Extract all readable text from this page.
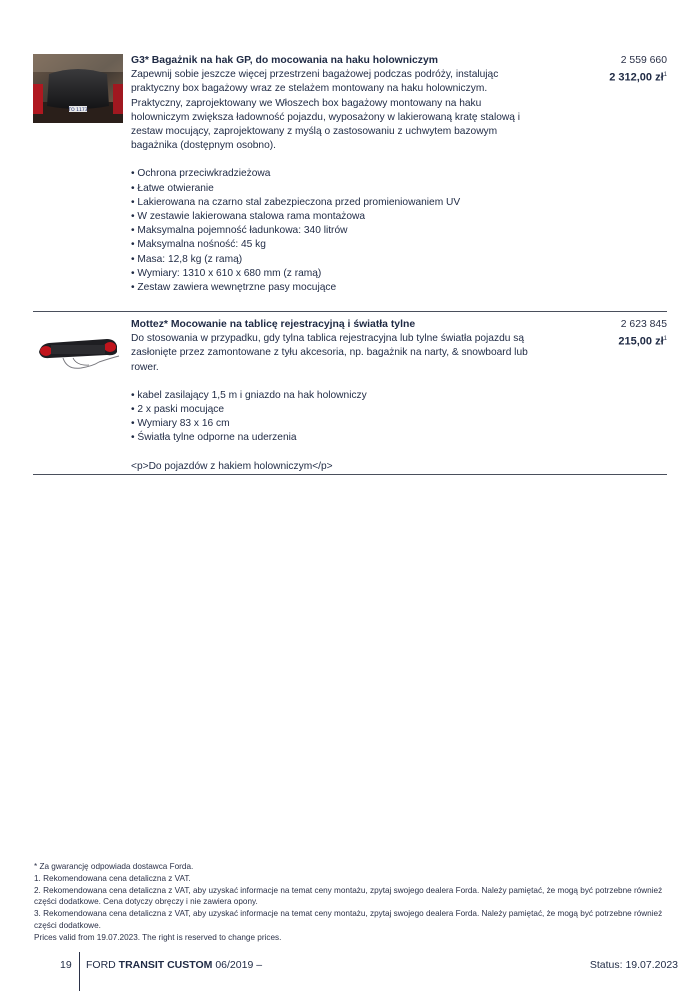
TO 1173

G3* Bagażnik na hak GP, do mocowania na haku holowniczym

Zapewnij sobie jeszcze więcej przestrzeni bagażowej podczas podróży, instalując praktyczny box bagażowy wraz ze stelażem montowany na haku holowniczym. Praktyczny, zaprojektowany we Włoszech box bagażowy montowany na haku holowniczym zwiększa ładowność pojazdu, wyposażony w lakierowaną kratę stalową i zestaw mocujący, zaprojektowany z myślą o zastosowaniu z uchwytem bazowym bagażnika (dostępnym osobno).

• Ochrona przeciwkradzieżowa
• Łatwe otwieranie
• Lakierowana na czarno stal zabezpieczona przed promieniowaniem UV
• W zestawie lakierowana stalowa rama montażowa
• Maksymalna pojemność ładunkowa: 340 litrów
• Maksymalna nośność: 45 kg
• Masa: 12,8 kg (z ramą)
• Wymiary: 1310 x 610 x 680 mm (z ramą)
• Zestaw zawiera wewnętrzne pasy mocujące
2 559 660
2 312,00 $zł^1$

Mottez* Mocowanie na tablicę rejestracyjną i światła tylne

Do stosowania w przypadku, gdy tylna tablica rejestracyjna lub tylne światła pojazdu są zasłonięte przez zamontowane z tyłu akcesoria, np. bagażnik na narty, & snowboard lub rower.

• kabel zasilający 1,5 m i gniazdo na hak holowniczy
• 2 x paski mocujące
• Wymiary 83 x 16 cm
• Światła tylne odporne na uderzenia

<p>Do pojazdów z hakiem holowniczym</p>

2 623 845
215,00 $zł^1$

* Za gwarancję odpowiada dostawca Forda.

1. Rekomendowana cena detaliczna z VAT.

2. Rekomendowana cena detaliczna z VAT, aby uzyskać informacje na temat ceny montażu, zpytaj swojego dealera Forda. Należy pamiętać, że mogą być potrzebne również części dodatkowe. Cena dotyczy obręczy i nie zawiera opony.

3. Rekomendowana cena detaliczna z VAT, aby uzyskać informacje na temat ceny montażu, zpytaj swojego dealera Forda. Należy pamiętać, że mogą być potrzebne również części dodatkowe.

Prices valid from 19.07.2023. The right is reserved to change prices.

19 FORD TRANSIT CUSTOM 06/2019 –	Status: 19.07.2023
